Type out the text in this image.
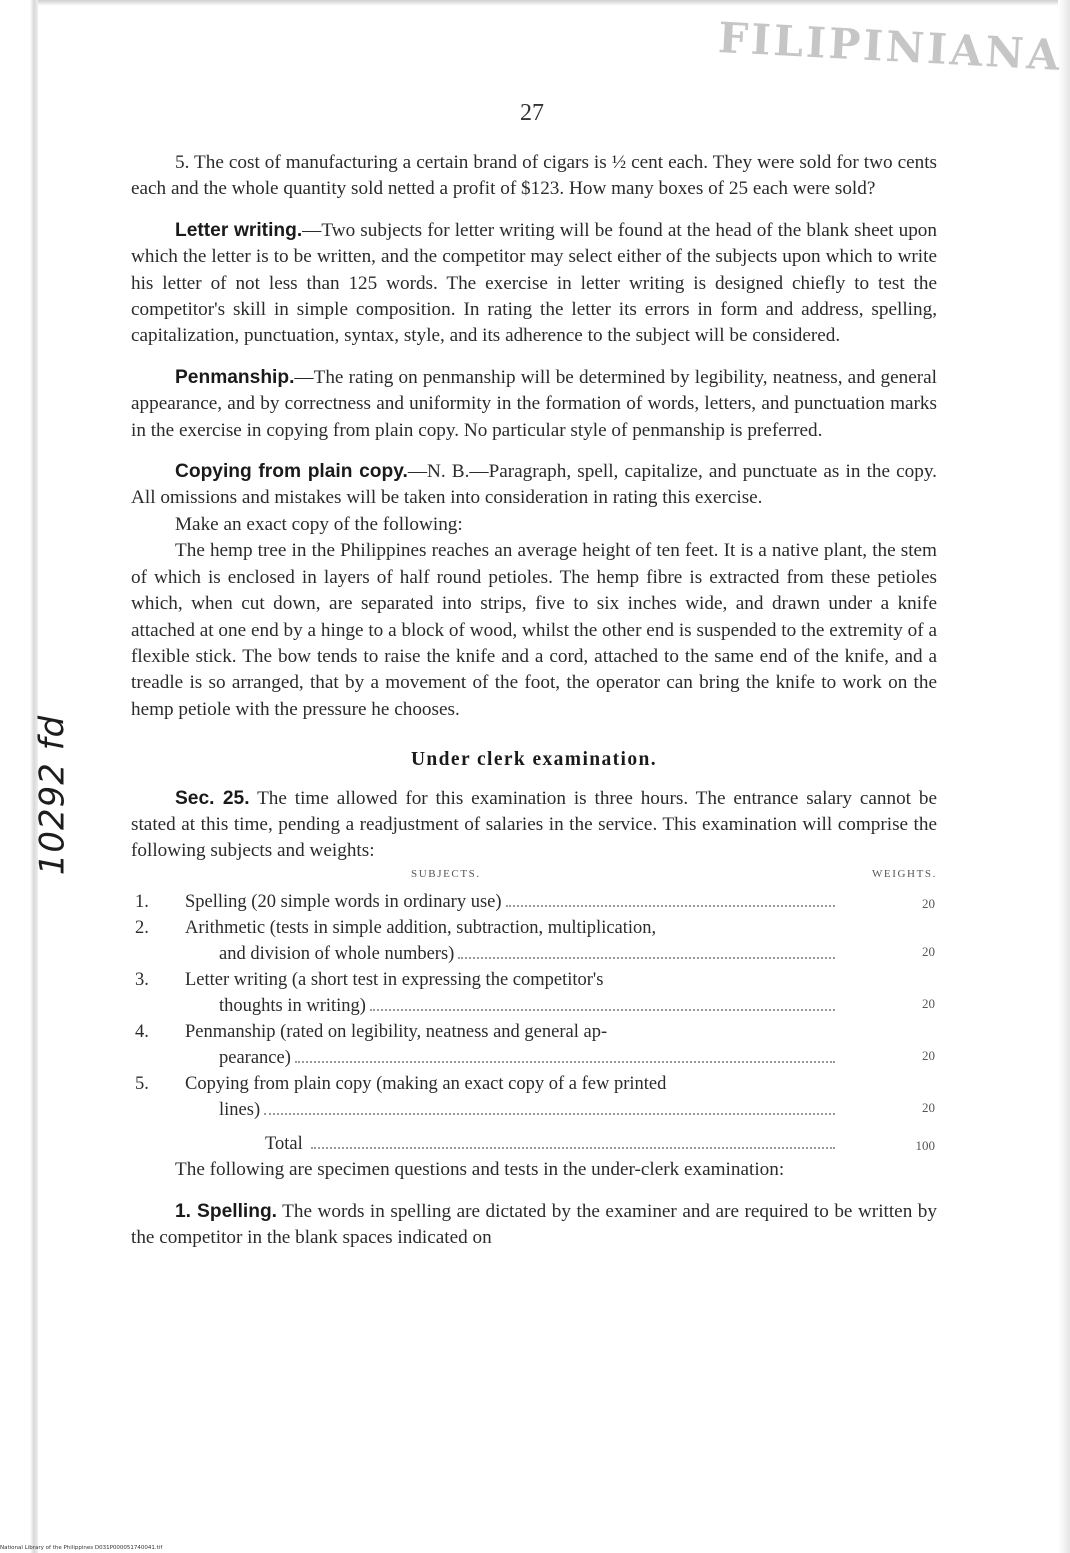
FILIPINIANA
27
10292 fd

5. The cost of manufacturing a certain brand of cigars is ½ cent each. They were sold for two cents each and the whole quantity sold netted a profit of $123. How many boxes of 25 each were sold?

Letter writing.—Two subjects for letter writing will be found at the head of the blank sheet upon which the letter is to be written, and the competitor may select either of the subjects upon which to write his letter of not less than 125 words. The exercise in letter writing is designed chiefly to test the competitor's skill in simple composition. In rating the letter its errors in form and address, spelling, capitalization, punctuation, syntax, style, and its adherence to the subject will be considered.

Penmanship.—The rating on penmanship will be determined by legibility, neatness, and general appearance, and by correctness and uniformity in the formation of words, letters, and punctuation marks in the exercise in copying from plain copy. No particular style of penmanship is preferred.

Copying from plain copy.—N. B.—Paragraph, spell, capitalize, and punctuate as in the copy. All omissions and mistakes will be taken into consideration in rating this exercise.

Make an exact copy of the following:

The hemp tree in the Philippines reaches an average height of ten feet. It is a native plant, the stem of which is enclosed in layers of half round petioles. The hemp fibre is extracted from these petioles which, when cut down, are separated into strips, five to six inches wide, and drawn under a knife attached at one end by a hinge to a block of wood, whilst the other end is suspended to the extremity of a flexible stick. The bow tends to raise the knife and a cord, attached to the same end of the knife, and a treadle is so arranged, that by a movement of the foot, the operator can bring the knife to work on the hemp petiole with the pressure he chooses.

Under clerk examination.

Sec. 25. The time allowed for this examination is three hours. The entrance salary cannot be stated at this time, pending a readjustment of salaries in the service. This examination will comprise the following subjects and weights:

SUBJECTS.	WEIGHTS.
1.	Spelling (20 simple words in ordinary use)	20
2.	Arithmetic (tests in simple addition, subtraction, multiplication,
and division of whole numbers)	20
3.	Letter writing (a short test in expressing the competitor's
thoughts in writing)	20
4.	Penmanship (rated on legibility, neatness and general ap-
pearance)	20
5.	Copying from plain copy (making an exact copy of a few printed
lines)	20
Total	100

The following are specimen questions and tests in the under-clerk examination:

1. Spelling. The words in spelling are dictated by the examiner and are required to be written by the competitor in the blank spaces indicated on

National Library of the Philippines D031P000051740041.tif
